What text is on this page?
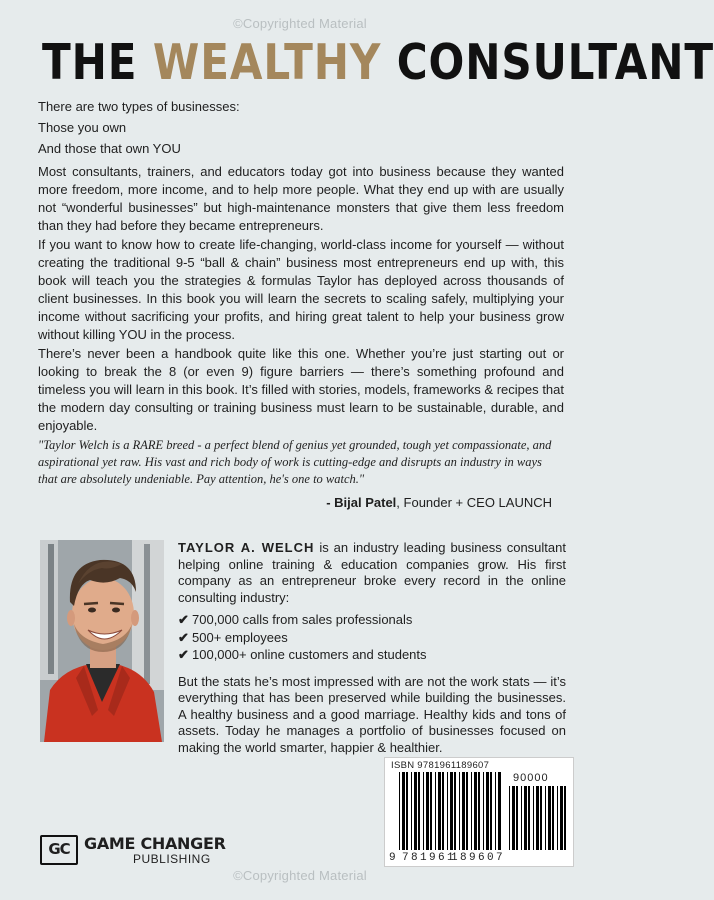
©Copyrighted Material
THE WEALTHY CONSULTANT
There are two types of businesses:
Those you own
And those that own YOU

Most consultants, trainers, and educators today got into business because they wanted more freedom, more income, and to help more people. What they end up with are usually not “wonderful businesses” but high-maintenance monsters that give them less freedom than they had before they became entrepreneurs.

If you want to know how to create life-changing, world-class income for yourself — without creating the traditional 9-5 “ball & chain” business most entrepreneurs end up with, this book will teach you the strategies & formulas Taylor has deployed across thousands of client businesses. In this book you will learn the secrets to scaling safely, multiplying your income without sacrificing your profits, and hiring great talent to help your business grow without killing YOU in the process.

There’s never been a handbook quite like this one. Whether you’re just starting out or looking to break the 8 (or even 9) figure barriers — there’s something profound and timeless you will learn in this book. It’s filled with stories, models, frameworks & recipes that the modern day consulting or training business must learn to be sustainable, durable, and enjoyable.

"Taylor Welch is a RARE breed - a perfect blend of genius yet grounded, tough yet compassionate, and aspirational yet raw. His vast and rich body of work is cutting-edge and disrupts an industry in ways that are absolutely undeniable. Pay attention, he's one to watch."
- Bijal Patel, Founder + CEO LAUNCH

TAYLOR A. WELCH is an industry leading business consultant helping online training & education companies grow. His first company as an entrepreneur broke every record in the online consulting industry:

✔ 700,000 calls from sales professionals
✔ 500+ employees
✔ 100,000+ online customers and students

But the stats he’s most impressed with are not the work stats — it’s everything that has been preserved while building the businesses. A healthy business and a good marriage. Healthy kids and tons of assets. Today he manages a portfolio of businesses focused on making the world smarter, happier & healthier.

GC GAME CHANGER
PUBLISHING
ISBN 9781961189607
90000
9 781961
189607
©Copyrighted Material
